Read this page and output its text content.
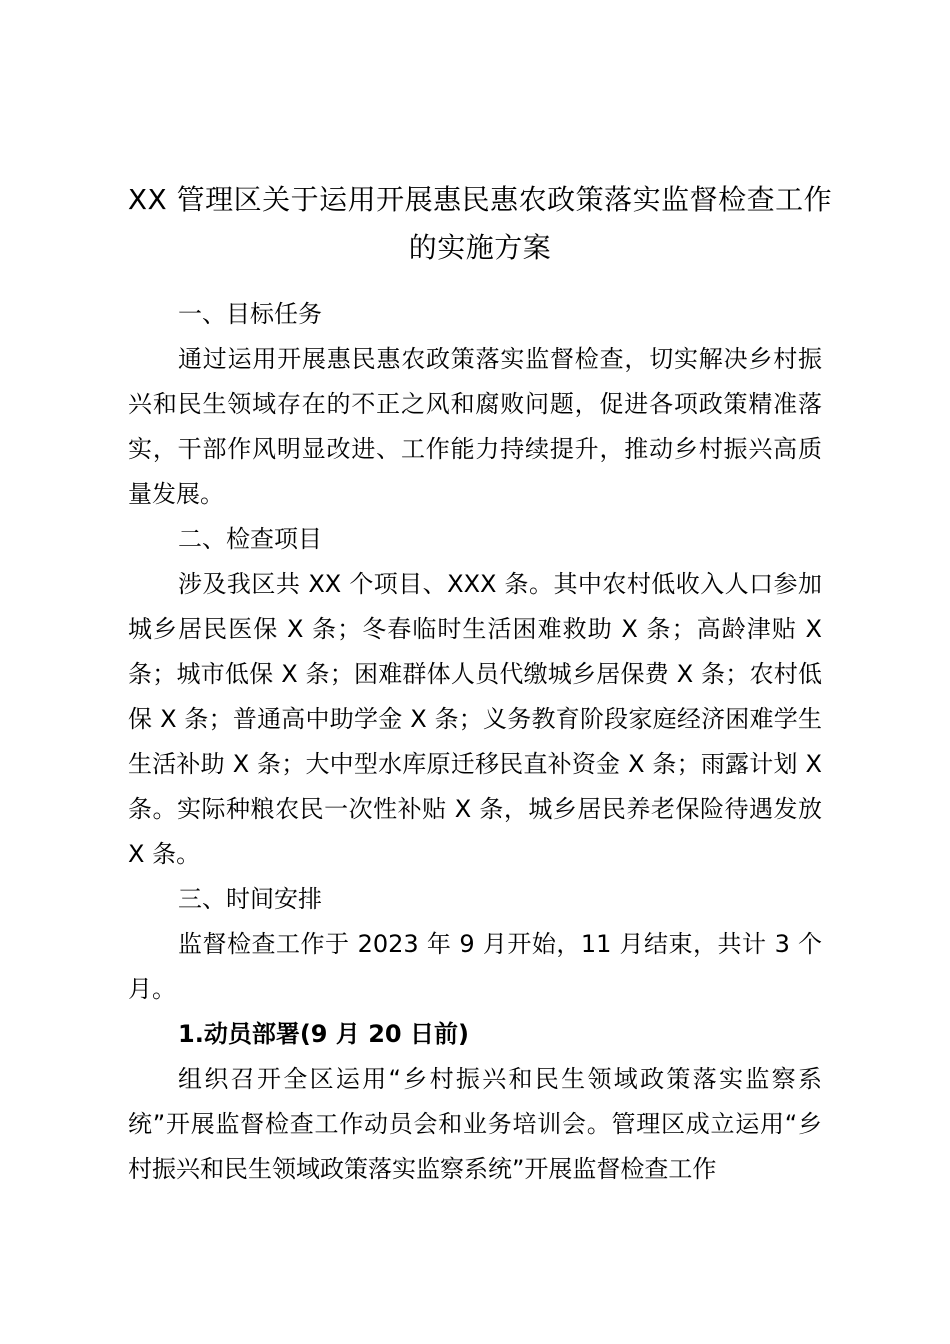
XX 管理区关于运用开展惠民惠农政策落实监督检查工作
的实施方案

一、目标任务

通过运用开展惠民惠农政策落实监督检查，切实解决乡村振兴和民生领域存在的不正之风和腐败问题，促进各项政策精准落实，干部作风明显改进、工作能力持续提升，推动乡村振兴高质量发展。

二、检查项目

涉及我区共 XX 个项目、XXX 条。其中农村低收入人口参加城乡居民医保 X 条；冬春临时生活困难救助 X 条；高龄津贴 X 条；城市低保 X 条；困难群体人员代缴城乡居保费 X 条；农村低保 X 条；普通高中助学金 X 条；义务教育阶段家庭经济困难学生生活补助 X 条；大中型水库原迁移民直补资金 X 条；雨露计划 X 条。实际种粮农民一次性补贴 X 条，城乡居民养老保险待遇发放 X 条。

三、时间安排

监督检查工作于 2023 年 9 月开始，11 月结束，共计 3 个月。

1.动员部署(9 月 20 日前)

组织召开全区运用“乡村振兴和民生领域政策落实监察系统”开展监督检查工作动员会和业务培训会。管理区成立运用“乡村振兴和民生领域政策落实监察系统”开展监督检查工作
